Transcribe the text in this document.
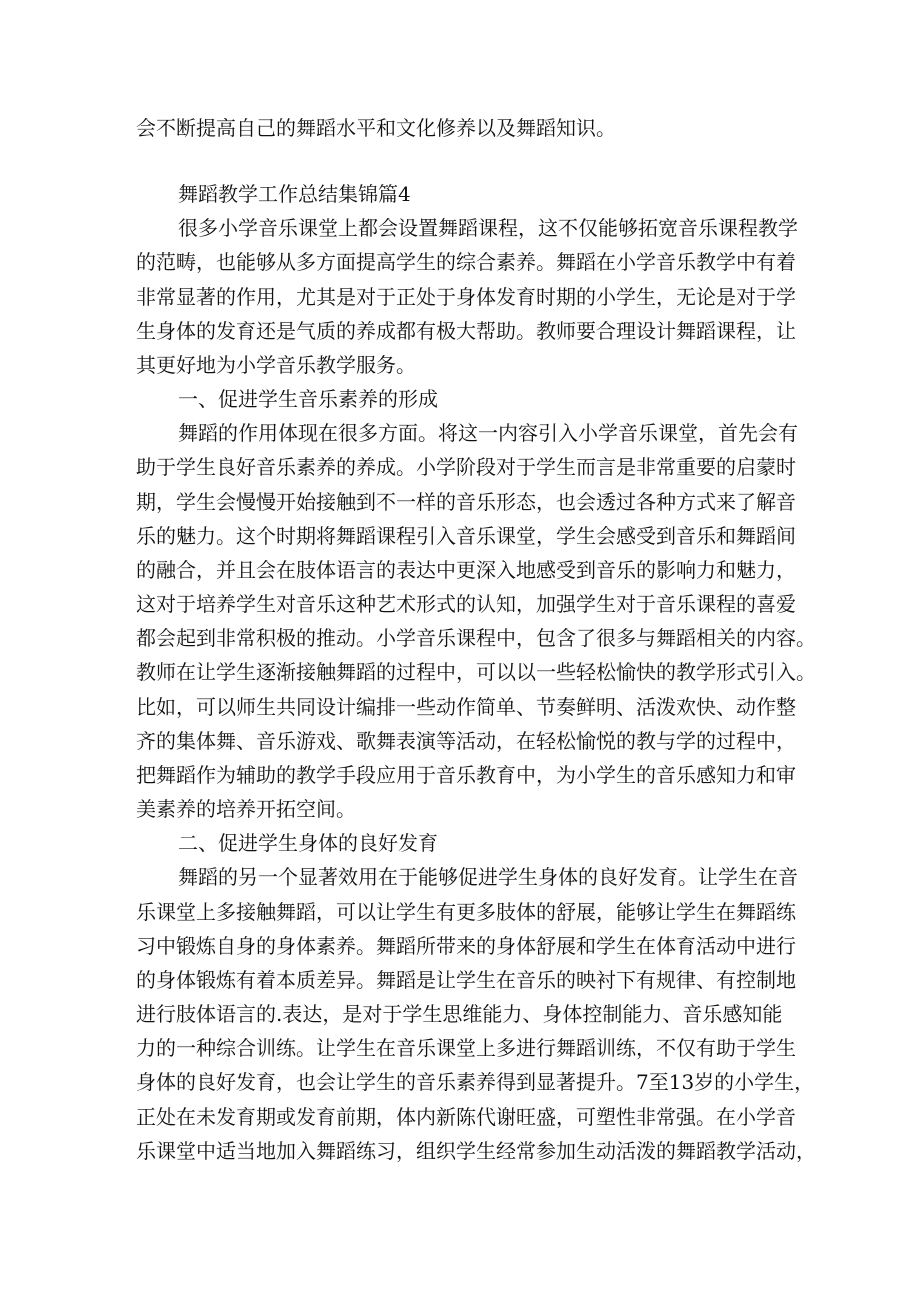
会不断提高自己的舞蹈水平和文化修养以及舞蹈知识。
舞蹈教学工作总结集锦篇4
很多小学音乐课堂上都会设置舞蹈课程，这不仅能够拓宽音乐课程教学
的范畴，也能够从多方面提高学生的综合素养。舞蹈在小学音乐教学中有着
非常显著的作用，尤其是对于正处于身体发育时期的小学生，无论是对于学
生身体的发育还是气质的养成都有极大帮助。教师要合理设计舞蹈课程，让
其更好地为小学音乐教学服务。
一、促进学生音乐素养的形成
舞蹈的作用体现在很多方面。将这一内容引入小学音乐课堂，首先会有
助于学生良好音乐素养的养成。小学阶段对于学生而言是非常重要的启蒙时
期，学生会慢慢开始接触到不一样的音乐形态，也会透过各种方式来了解音
乐的魅力。这个时期将舞蹈课程引入音乐课堂，学生会感受到音乐和舞蹈间
的融合，并且会在肢体语言的表达中更深入地感受到音乐的影响力和魅力，
这对于培养学生对音乐这种艺术形式的认知，加强学生对于音乐课程的喜爱
都会起到非常积极的推动。小学音乐课程中，包含了很多与舞蹈相关的内容。
教师在让学生逐渐接触舞蹈的过程中，可以以一些轻松愉快的教学形式引入。
比如，可以师生共同设计编排一些动作简单、节奏鲜明、活泼欢快、动作整
齐的集体舞、音乐游戏、歌舞表演等活动，在轻松愉悦的教与学的过程中，
把舞蹈作为辅助的教学手段应用于音乐教育中，为小学生的音乐感知力和审
美素养的培养开拓空间。
二、促进学生身体的良好发育
舞蹈的另一个显著效用在于能够促进学生身体的良好发育。让学生在音
乐课堂上多接触舞蹈，可以让学生有更多肢体的舒展，能够让学生在舞蹈练
习中锻炼自身的身体素养。舞蹈所带来的身体舒展和学生在体育活动中进行
的身体锻炼有着本质差异。舞蹈是让学生在音乐的映衬下有规律、有控制地
进行肢体语言的.表达，是对于学生思维能力、身体控制能力、音乐感知能
力的一种综合训练。让学生在音乐课堂上多进行舞蹈训练，不仅有助于学生
身体的良好发育，也会让学生的音乐素养得到显著提升。7至13岁的小学生，
正处在未发育期或发育前期，体内新陈代谢旺盛，可塑性非常强。在小学音
乐课堂中适当地加入舞蹈练习，组织学生经常参加生动活泼的舞蹈教学活动，
